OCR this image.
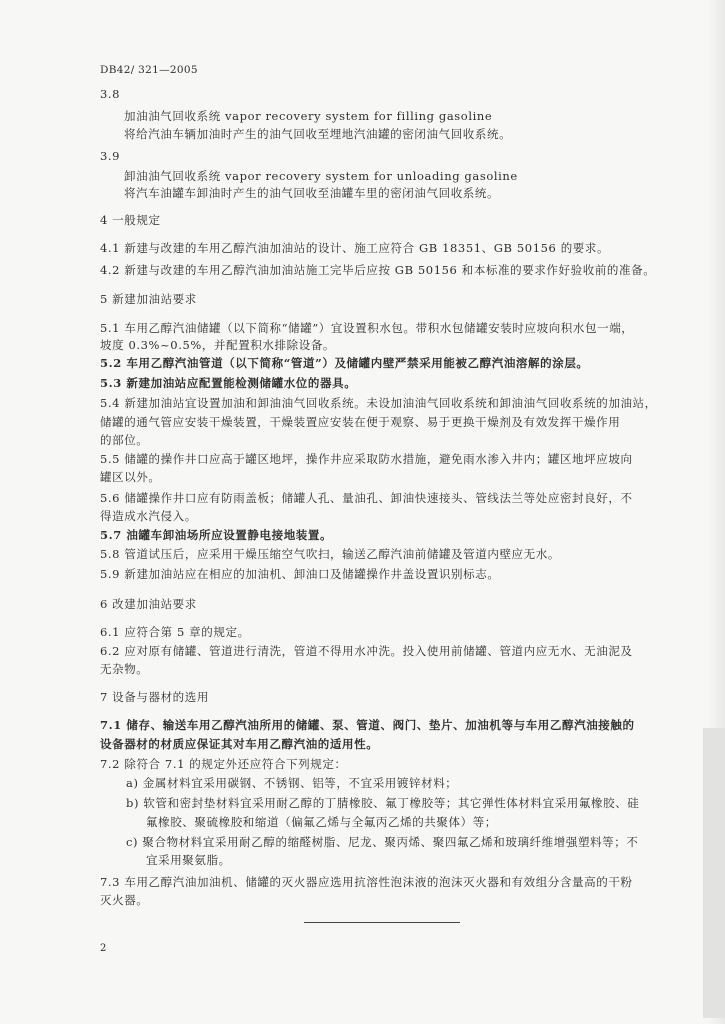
DB42/ 321—2005
3.8
加油油气回收系统 vapor recovery system for filling gasoline
将给汽油车辆加油时产生的油气回收至埋地汽油罐的密闭油气回收系统。
3.9
卸油油气回收系统 vapor recovery system for unloading gasoline
将汽车油罐车卸油时产生的油气回收至油罐车里的密闭油气回收系统。
4 一般规定
4.1 新建与改建的车用乙醇汽油加油站的设计、施工应符合 GB 18351、GB 50156 的要求。
4.2 新建与改建的车用乙醇汽油加油站施工完毕后应按 GB 50156 和本标准的要求作好验收前的准备。
5 新建加油站要求
5.1 车用乙醇汽油储罐（以下简称“储罐”）宜设置积水包。带积水包储罐安装时应坡向积水包一端，
坡度 0.3%~0.5%，并配置积水排除设备。
5.2 车用乙醇汽油管道（以下简称“管道”）及储罐内壁严禁采用能被乙醇汽油溶解的涂层。
5.3 新建加油站应配置能检测储罐水位的器具。
5.4 新建加油站宜设置加油和卸油油气回收系统。未设加油油气回收系统和卸油油气回收系统的加油站，
储罐的通气管应安装干燥装置，干燥装置应安装在便于观察、易于更换干燥剂及有效发挥干燥作用
的部位。
5.5 储罐的操作井口应高于罐区地坪，操作井应采取防水措施，避免雨水渗入井内；罐区地坪应坡向
罐区以外。
5.6 储罐操作井口应有防雨盖板；储罐人孔、量油孔、卸油快速接头、管线法兰等处应密封良好，不
得造成水汽侵入。
5.7 油罐车卸油场所应设置静电接地装置。
5.8 管道试压后，应采用干燥压缩空气吹扫，输送乙醇汽油前储罐及管道内壁应无水。
5.9 新建加油站应在相应的加油机、卸油口及储罐操作井盖设置识别标志。
6 改建加油站要求
6.1 应符合第 5 章的规定。
6.2 应对原有储罐、管道进行清洗，管道不得用水冲洗。投入使用前储罐、管道内应无水、无油泥及
无杂物。
7 设备与器材的选用
7.1 储存、输送车用乙醇汽油所用的储罐、泵、管道、阀门、垫片、加油机等与车用乙醇汽油接触的
设备器材的材质应保证其对车用乙醇汽油的适用性。
7.2 除符合 7.1 的规定外还应符合下列规定：
a) 金属材料宜采用碳钢、不锈钢、铝等，不宜采用镀锌材料；
b) 软管和密封垫材料宜采用耐乙醇的丁腈橡胶、氟丁橡胶等；其它弹性体材料宜采用氟橡胶、硅
氟橡胶、聚硫橡胶和缩道（偏氟乙烯与全氟丙乙烯的共聚体）等；
c) 聚合物材料宜采用耐乙醇的缩醛树脂、尼龙、聚丙烯、聚四氟乙烯和玻璃纤维增强塑料等；不
宜采用聚氨脂。
7.3 车用乙醇汽油加油机、储罐的灭火器应选用抗溶性泡沫液的泡沫灭火器和有效组分含量高的干粉
灭火器。
2
